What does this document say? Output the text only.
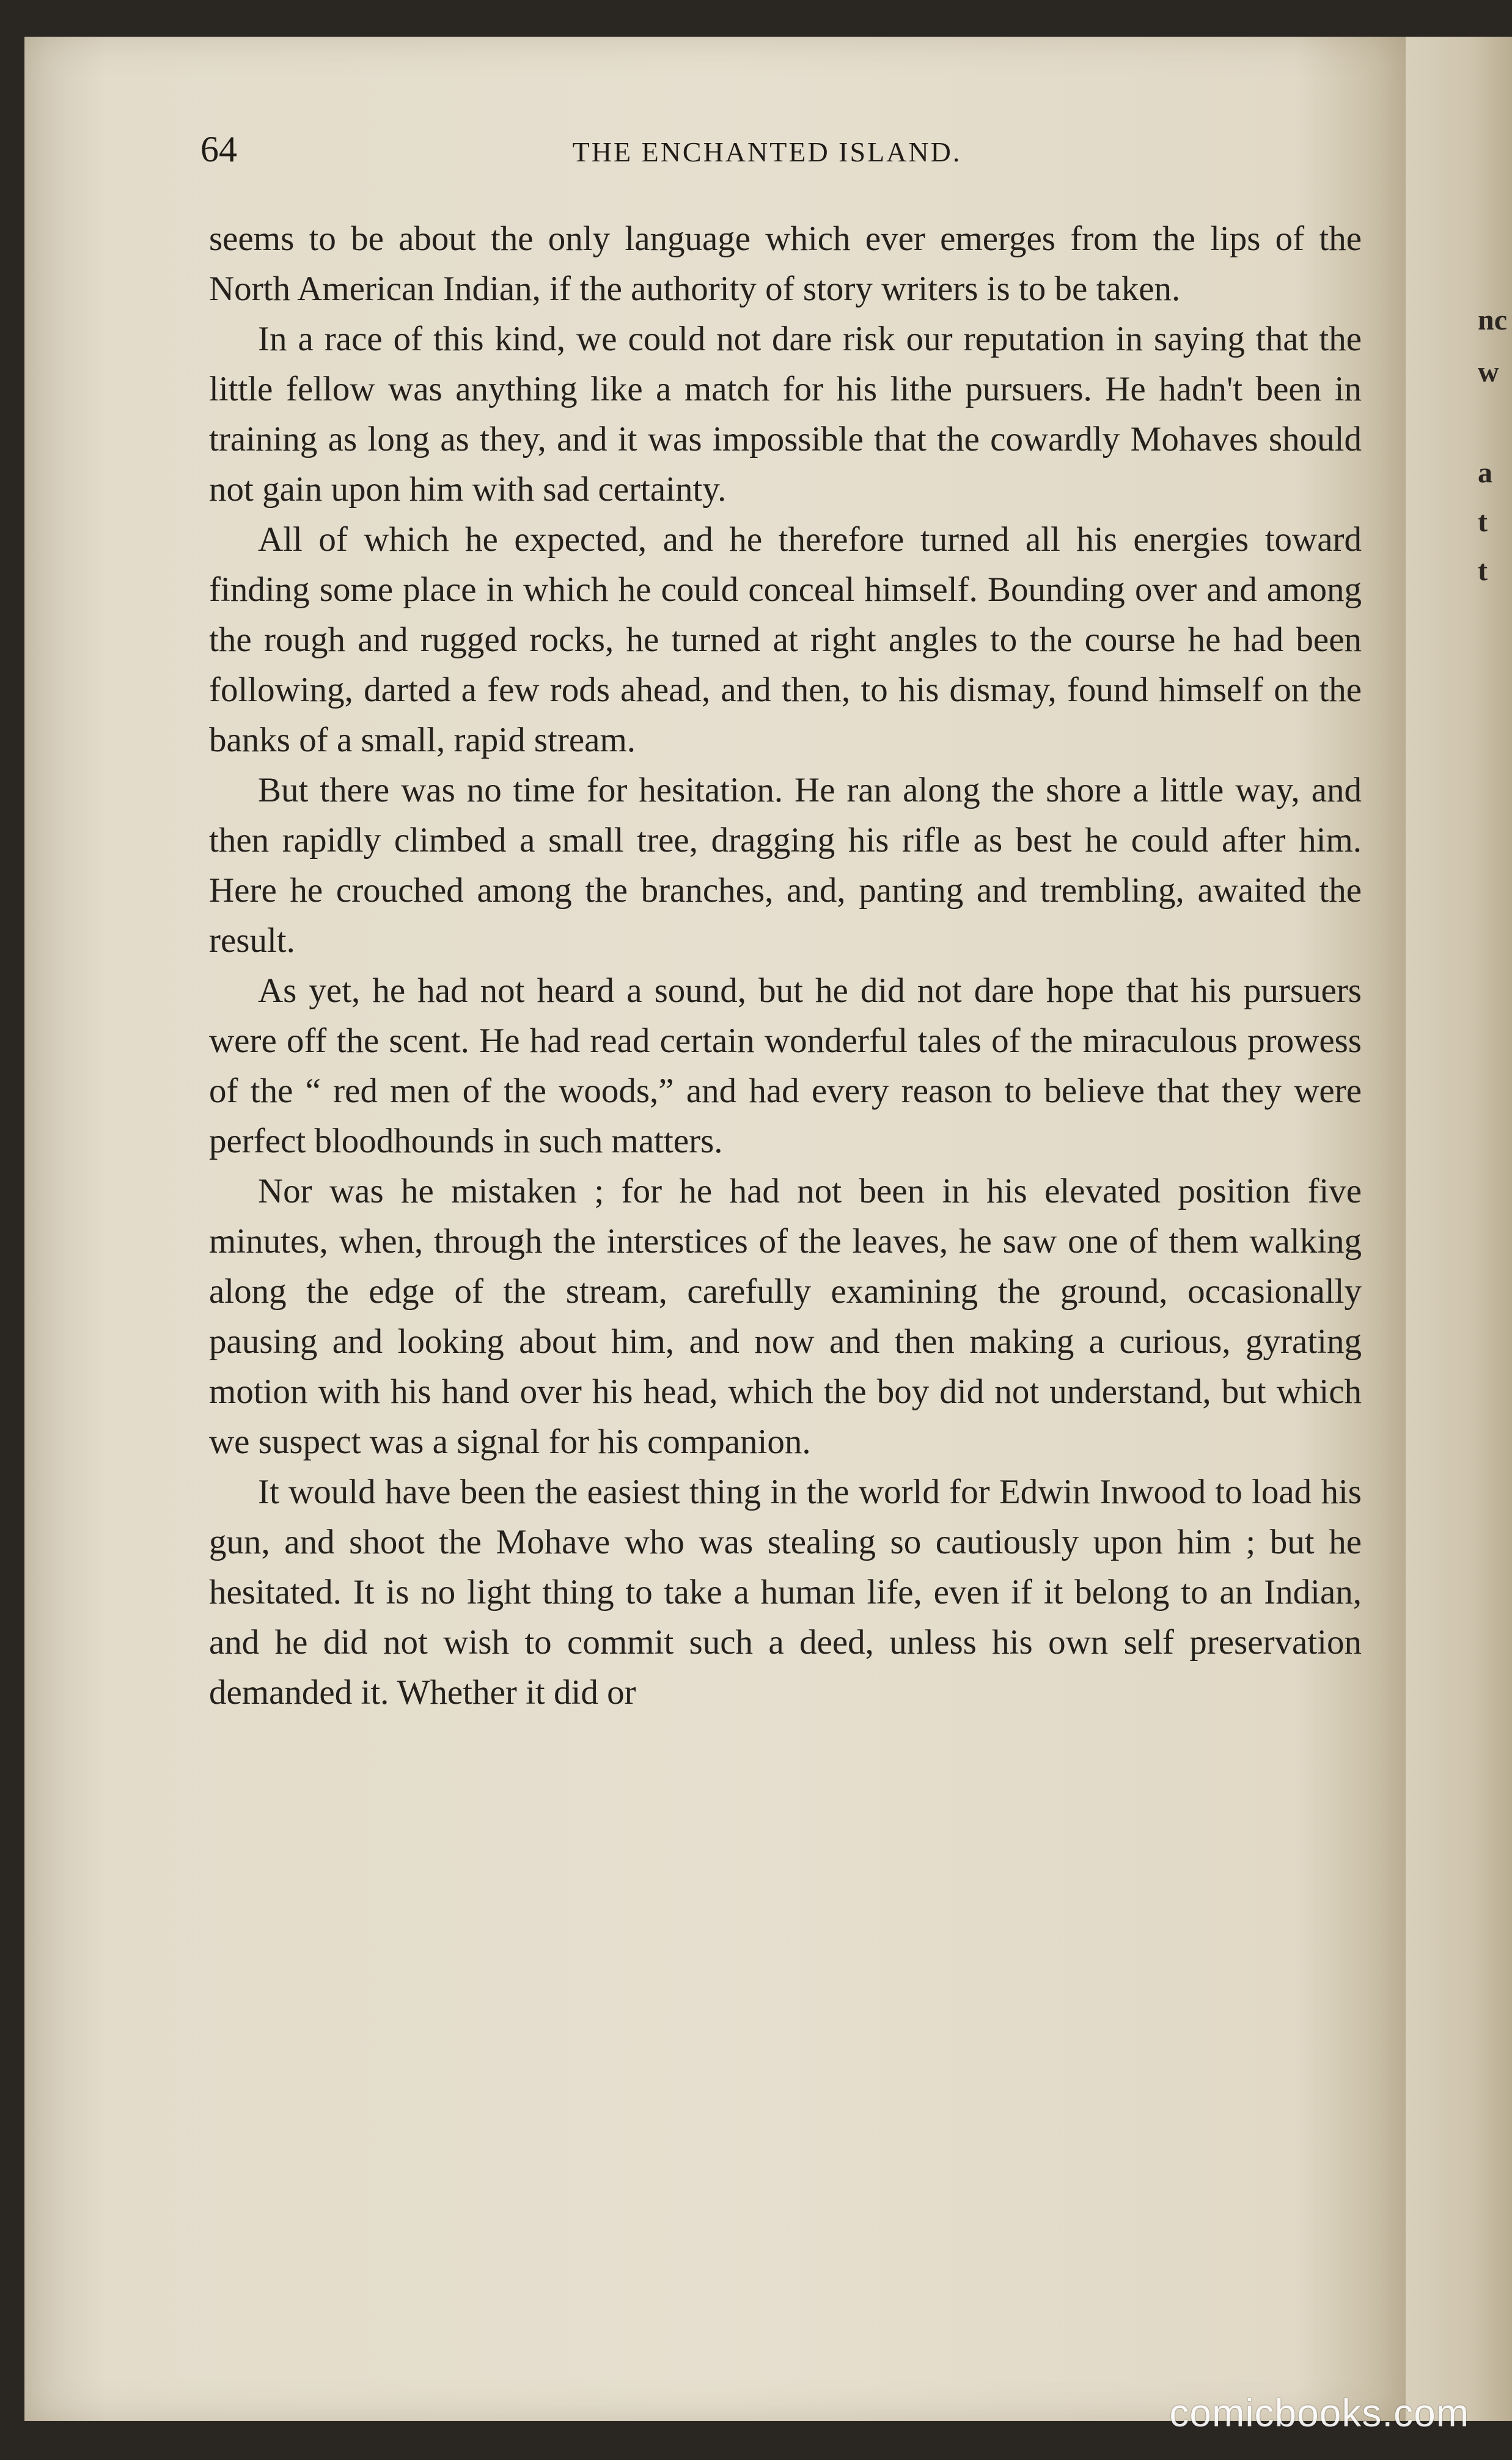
nc
w
a
t
t
64	THE ENCHANTED ISLAND.

seems to be about the only language which ever emerges from the lips of the North American Indian, if the authority of story writers is to be taken.

In a race of this kind, we could not dare risk our reputation in saying that the little fellow was anything like a match for his lithe pursuers. He hadn't been in training as long as they, and it was impossible that the cowardly Mohaves should not gain upon him with sad certainty.

All of which he expected, and he therefore turned all his energies toward finding some place in which he could conceal himself. Bounding over and among the rough and rugged rocks, he turned at right angles to the course he had been following, darted a few rods ahead, and then, to his dismay, found himself on the banks of a small, rapid stream.

But there was no time for hesitation. He ran along the shore a little way, and then rapidly climbed a small tree, dragging his rifle as best he could after him. Here he crouched among the branches, and, panting and trembling, awaited the result.

As yet, he had not heard a sound, but he did not dare hope that his pursuers were off the scent. He had read certain wonderful tales of the miraculous prowess of the “ red men of the woods,” and had every reason to believe that they were perfect bloodhounds in such matters.

Nor was he mistaken ; for he had not been in his elevated position five minutes, when, through the interstices of the leaves, he saw one of them walking along the edge of the stream, carefully examining the ground, occasionally pausing and looking about him, and now and then making a curious, gyrating motion with his hand over his head, which the boy did not understand, but which we suspect was a signal for his companion.

It would have been the easiest thing in the world for Edwin Inwood to load his gun, and shoot the Mohave who was stealing so cautiously upon him ; but he hesitated. It is no light thing to take a human life, even if it belong to an Indian, and he did not wish to commit such a deed, unless his own self preservation demanded it. Whether it did or

comicbooks.com
